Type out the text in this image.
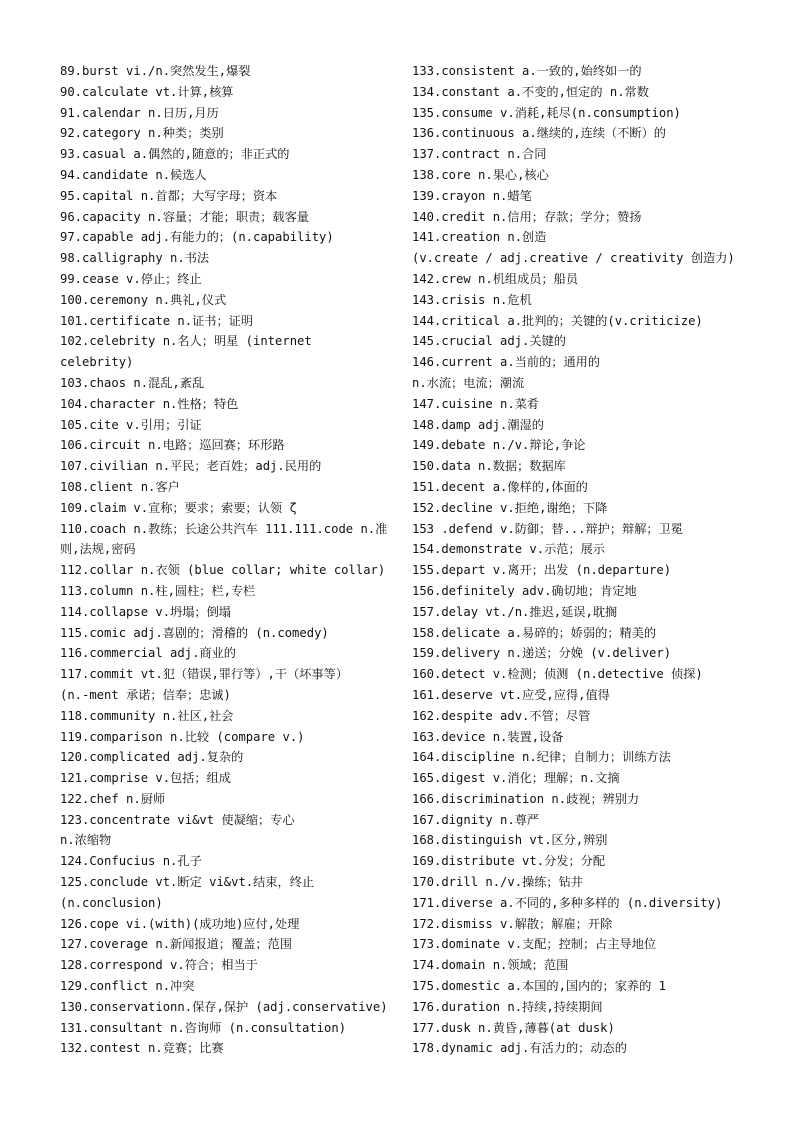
89.burst vi./n.突然发生,爆裂
90.calculate vt.计算,核算
91.calendar n.日历,月历
92.category n.种类；类别
93.casual a.偶然的,随意的；非正式的
94.candidate n.候选人
95.capital n.首都；大写字母；资本
96.capacity n.容量；才能；职责；载客量
97.capable adj.有能力的；(n.capability)
98.calligraphy n.书法
99.cease v.停止；终止
100.ceremony n.典礼,仪式
101.certificate n.证书；证明
102.celebrity n.名人；明星 (internet
celebrity)
103.chaos n.混乱,紊乱
104.character n.性格；特色
105.cite v.引用；引证
106.circuit n.电路；巡回赛；环形路
107.civilian n.平民；老百姓；adj.民用的
108.client n.客户
109.claim v.宣称；要求；索要；认领 ζ
110.coach n.教练；长途公共汽车 111.111.code n.准
则,法规,密码
112.collar n.衣领 (blue collar; white collar)
113.column n.柱,圆柱；栏,专栏
114.collapse v.坍塌；倒塌
115.comic adj.喜剧的；滑稽的 (n.comedy)
116.commercial adj.商业的
117.commit vt.犯（错误,罪行等）,干（坏事等）
(n.-ment 承诺；信奉；忠诚)
118.community n.社区,社会
119.comparison n.比较 (compare v.)
120.complicated adj.复杂的
121.comprise v.包括；组成
122.chef n.厨师
123.concentrate vi&vt 使凝缩；专心
n.浓缩物
124.Confucius n.孔子
125.conclude vt.断定 vi&vt.结束，终止
(n.conclusion)
126.cope vi.(with)(成功地)应付,处理
127.coverage n.新闻报道；覆盖；范围
128.correspond v.符合；相当于
129.conflict n.冲突
130.conservationn.保存,保护 (adj.conservative)
131.consultant n.咨询师 (n.consultation)
132.contest n.竞赛；比赛
133.consistent a.一致的,始终如一的
134.constant a.不变的,恒定的 n.常数
135.consume v.消耗,耗尽(n.consumption)
136.continuous a.继续的,连续（不断）的
137.contract n.合同
138.core n.果心,核心
139.crayon n.蜡笔
140.credit n.信用；存款；学分；赞扬
141.creation n.创造
(v.create / adj.creative / creativity 创造力)
142.crew n.机组成员；船员
143.crisis n.危机
144.critical a.批判的；关键的(v.criticize)
145.crucial adj.关键的
146.current a.当前的；通用的
n.水流；电流；潮流
147.cuisine n.菜肴
148.damp adj.潮湿的
149.debate n./v.辩论,争论
150.data n.数据；数据库
151.decent a.像样的,体面的
152.decline v.拒绝,谢绝；下降
153 .defend v.防御；替...辩护；辩解；卫冕
154.demonstrate v.示范；展示
155.depart v.离开；出发 (n.departure)
156.definitely adv.确切地；肯定地
157.delay vt./n.推迟,延误,耽搁
158.delicate a.易碎的；娇弱的；精美的
159.delivery n.递送；分娩 (v.deliver)
160.detect v.检测；侦测 (n.detective 侦探)
161.deserve vt.应受,应得,值得
162.despite adv.不管；尽管
163.device n.装置,设备
164.discipline n.纪律；自制力；训练方法
165.digest v.消化；理解；n.文摘
166.discrimination n.歧视；辨别力
167.dignity n.尊严
168.distinguish vt.区分,辨别
169.distribute vt.分发；分配
170.drill n./v.操练；钻井
171.diverse a.不同的,多种多样的 (n.diversity)
172.dismiss v.解散；解雇；开除
173.dominate v.支配；控制；占主导地位
174.domain n.领域；范围
175.domestic a.本国的,国内的；家养的 1
176.duration n.持续,持续期间
177.dusk n.黄昏,薄暮(at dusk)
178.dynamic adj.有活力的；动态的
